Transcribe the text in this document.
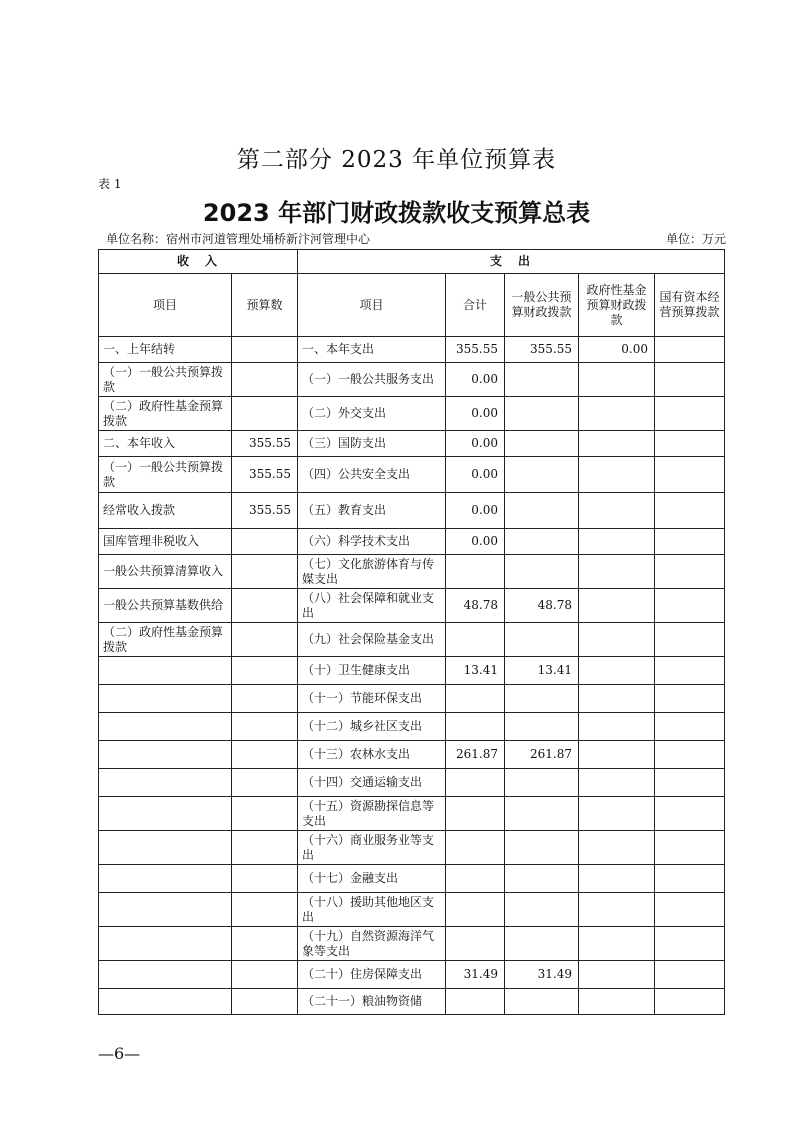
第二部分 2023 年单位预算表
表 1
2023 年部门财政拨款收支预算总表
单位名称：宿州市河道管理处埇桥新汴河管理中心	单位：万元
收　入		支　出				
项目	预算数	项目	合计	一般公共预算财政拨款	政府性基金预算财政拨款	国有资本经营预算拨款
一、上年结转		一、本年支出	355.55	355.55	0.00	
（一）一般公共预算拨款		（一）一般公共服务支出	0.00			
（二）政府性基金预算拨款		（二）外交支出	0.00			
二、本年收入	355.55	（三）国防支出	0.00			
（一）一般公共预算拨款	355.55	（四）公共安全支出	0.00			
经常收入拨款	355.55	（五）教育支出	0.00			
国库管理非税收入		（六）科学技术支出	0.00			
一般公共预算清算收入		（七）文化旅游体育与传媒支出				
一般公共预算基数供给		（八）社会保障和就业支出	48.78	48.78		
（二）政府性基金预算拨款		（九）社会保险基金支出				
		（十）卫生健康支出	13.41	13.41		
		（十一）节能环保支出				
		（十二）城乡社区支出				
		（十三）农林水支出	261.87	261.87		
		（十四）交通运输支出				
		（十五）资源勘探信息等支出				
		（十六）商业服务业等支出				
		（十七）金融支出				
		（十八）援助其他地区支出				
		（十九）自然资源海洋气象等支出				
		（二十）住房保障支出	31.49	31.49		
		（二十一）粮油物资储				
—6—
